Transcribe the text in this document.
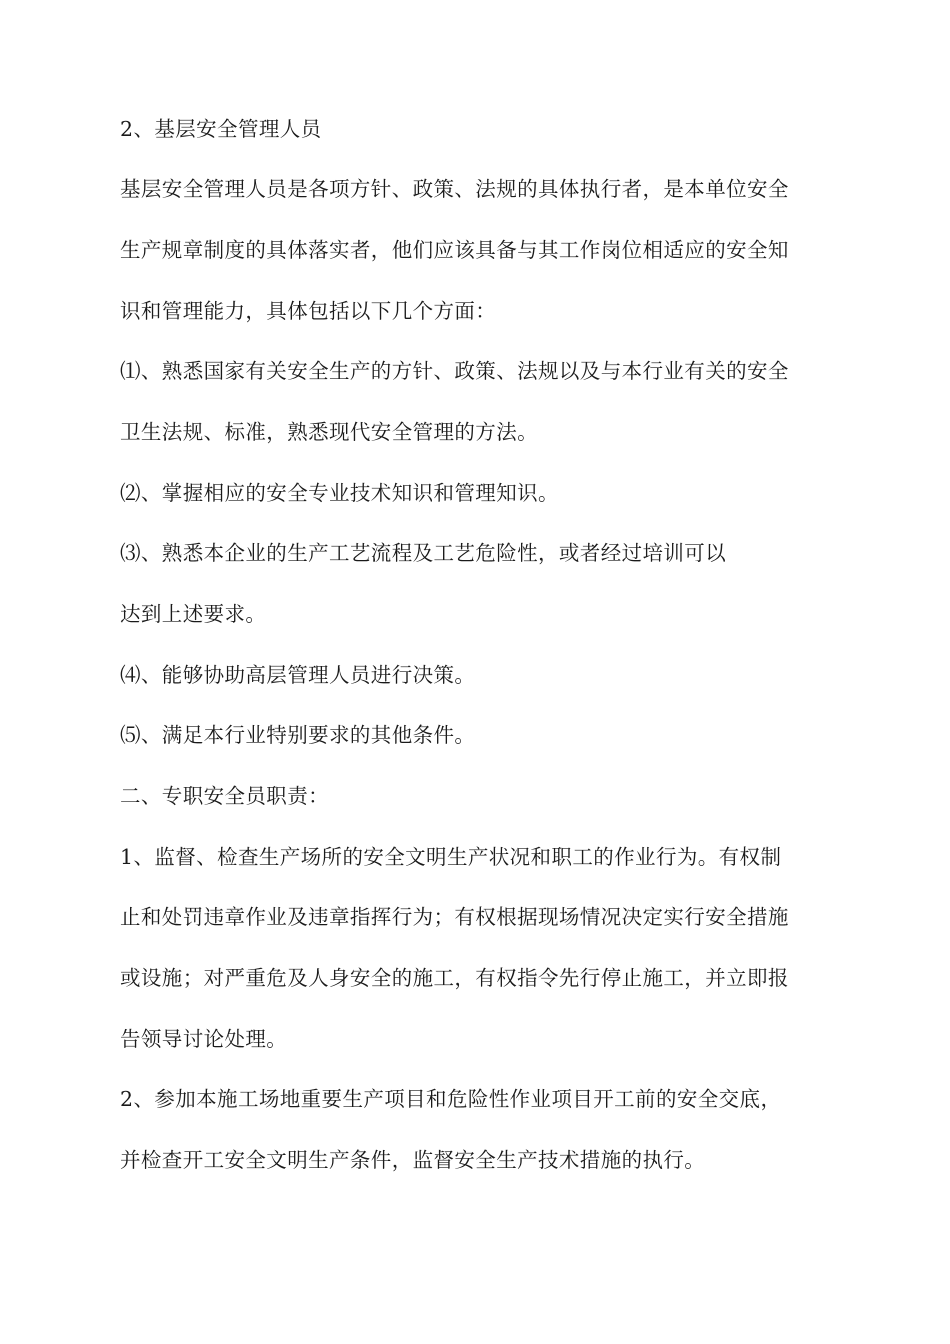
2、基层安全管理人员

基层安全管理人员是各项方针、政策、法规的具体执行者，是本单位安全

生产规章制度的具体落实者，他们应该具备与其工作岗位相适应的安全知

识和管理能力，具体包括以下几个方面：

⑴、熟悉国家有关安全生产的方针、政策、法规以及与本行业有关的安全

卫生法规、标准，熟悉现代安全管理的方法。

⑵、掌握相应的安全专业技术知识和管理知识。

⑶、熟悉本企业的生产工艺流程及工艺危险性，或者经过培训可以

达到上述要求。

⑷、能够协助高层管理人员进行决策。

⑸、满足本行业特别要求的其他条件。

二、专职安全员职责：

1、监督、检查生产场所的安全文明生产状况和职工的作业行为。有权制

止和处罚违章作业及违章指挥行为；有权根据现场情况决定实行安全措施

或设施；对严重危及人身安全的施工，有权指令先行停止施工，并立即报

告领导讨论处理。

2、参加本施工场地重要生产项目和危险性作业项目开工前的安全交底，

并检查开工安全文明生产条件，监督安全生产技术措施的执行。
